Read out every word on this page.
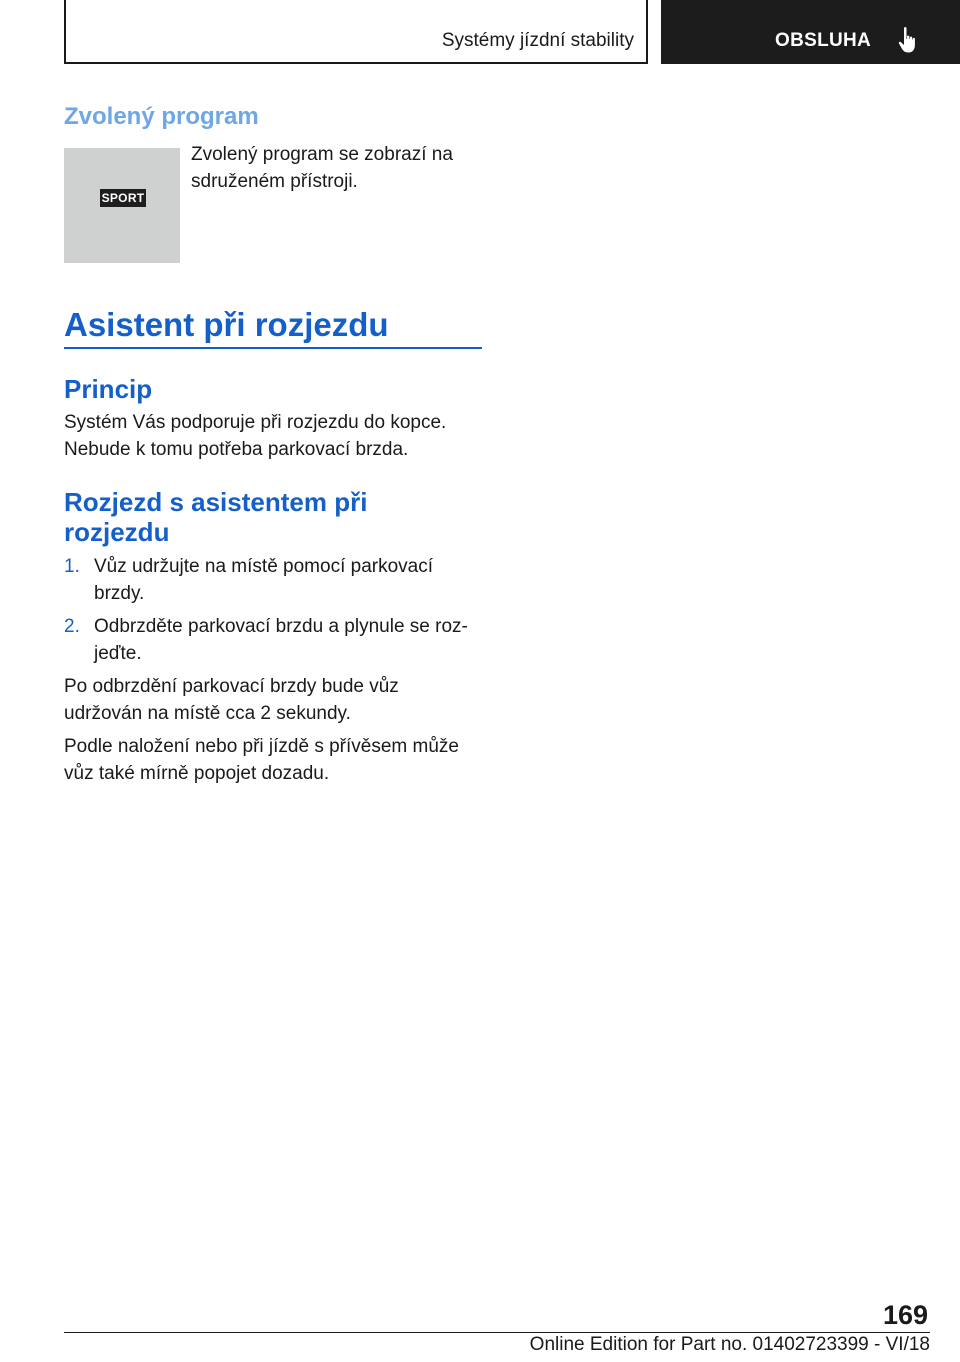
Systémy jízdní stability	OBSLUHA
Zvolený program
SPORT

Zvolený program se zobrazí na sdruženém přístroji.

Asistent při rozjezdu
Princip

Systém Vás podporuje při rozjezdu do kopce. Nebude k tomu potřeba parkovací brzda.

Rozjezd s asistentem při
rozjezdu
1. Vůz udržujte na místě pomocí parkovací brzdy.
2. Odbrzděte parkovací brzdu a plynule se roz‐ jeďte.

Po odbrzdění parkovací brzdy bude vůz udržován na místě cca 2 sekundy.

Podle naložení nebo při jízdě s přívěsem může vůz také mírně popojet dozadu.

169
Online Edition for Part no. 01402723399 - VI/18
